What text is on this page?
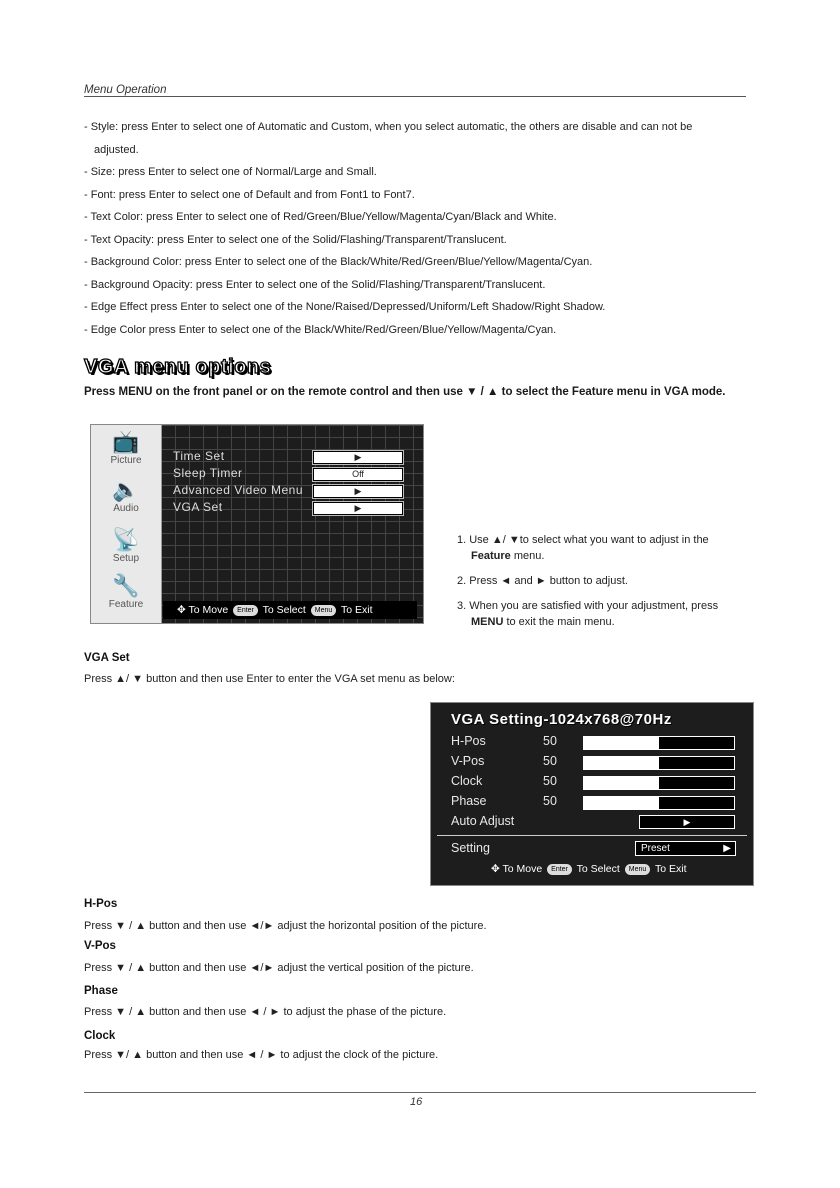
Menu Operation
- Style: press Enter to select one of Automatic and Custom, when you select automatic, the others are disable and can not be
adjusted.
- Size: press Enter to select one of Normal/Large and Small.
- Font: press Enter to select one of Default and from Font1 to Font7.
- Text Color: press Enter to select one of Red/Green/Blue/Yellow/Magenta/Cyan/Black and White.
- Text Opacity: press Enter to select one of the Solid/Flashing/Transparent/Translucent.
- Background Color: press Enter to select one of the Black/White/Red/Green/Blue/Yellow/Magenta/Cyan.
- Background Opacity: press Enter to select one of the Solid/Flashing/Transparent/Translucent.
- Edge Effect press Enter to select one of the None/Raised/Depressed/Uniform/Left Shadow/Right Shadow.
- Edge Color press Enter to select one of the Black/White/Red/Green/Blue/Yellow/Magenta/Cyan.
VGA menu options
Press MENU on the front panel or on the remote control and then use ▼ / ▲ to select the Feature menu in VGA mode.
📺
Picture
🔈
Audio
📡
Setup
🔧
Feature
Time Set	▶
Sleep Timer	Off
Advanced Video Menu	▶
VGA Set	▶
✥ To Move Enter To Select Menu To Exit

1. Use ▲/ ▼to select what you want to adjust in the
Feature menu.

2. Press ◄ and ► button to adjust.

3. When you are satisfied with your adjustment, press
MENU to exit the main menu.

VGA Set
Press ▲/ ▼ button and then use Enter to enter the VGA set menu as below:
VGA Setting-1024x768@70Hz
H-Pos	50
V-Pos	50
Clock	50
Phase	50
Auto Adjust	▶
Setting	Preset	▶
✥ To Move Enter To Select Menu To Exit
H-Pos
Press ▼ / ▲ button and then use ◄/► adjust the horizontal position of the picture.
V-Pos
Press ▼ / ▲ button and then use ◄/► adjust the vertical position of the picture.
Phase
Press ▼ / ▲ button and then use ◄ / ► to adjust the phase of the picture.
Clock
Press ▼/ ▲ button and then use ◄ / ► to adjust the clock of the picture.
16
